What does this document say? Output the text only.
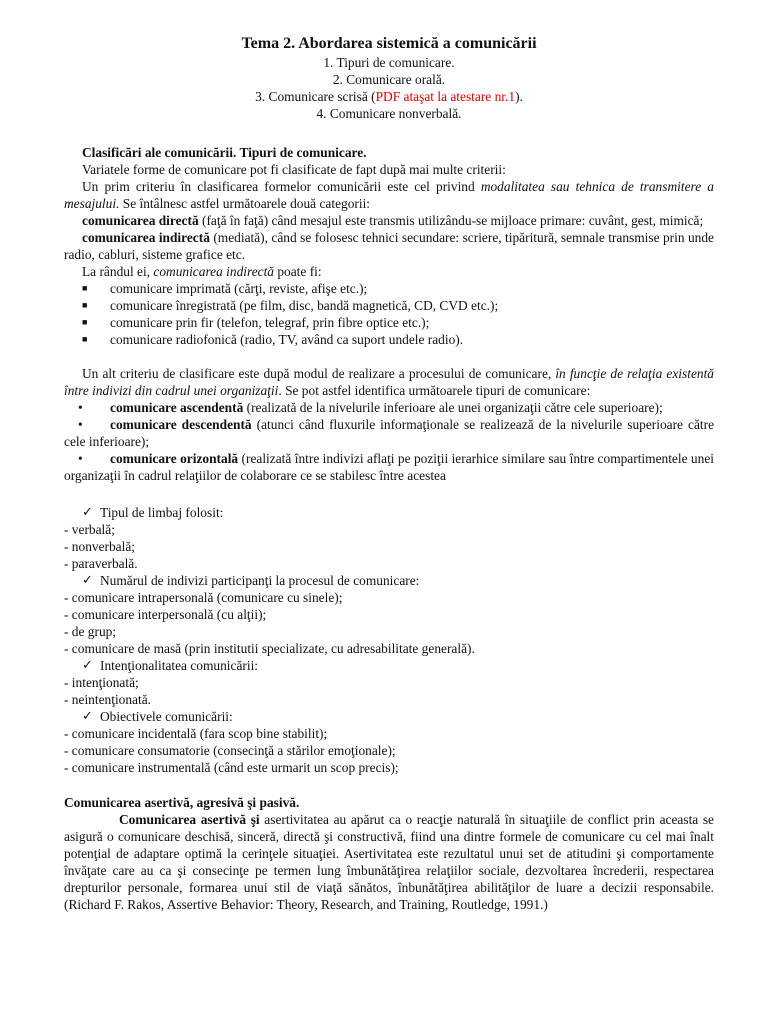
Tema 2. Abordarea sistemică a comunicării
1. Tipuri de comunicare.
2. Comunicare orală.
3. Comunicare scrisă (PDF ataşat la atestare nr.1).
4. Comunicare nonverbală.

Clasificări ale comunicării. Tipuri de comunicare.

Variatele forme de comunicare pot fi clasificate de fapt după mai multe criterii:

Un prim criteriu în clasificarea formelor comunicării este cel privind modalitatea sau tehnica de transmitere a mesajului. Se întâlnesc astfel următoarele două categorii:

comunicarea directă (faţă în faţă) când mesajul este transmis utilizându-se mijloace primare: cuvânt, gest, mimică;

comunicarea indirectă (mediată), când se folosesc tehnici secundare: scriere, tipăritură, semnale transmise prin unde radio, cabluri, sisteme grafice etc.

La rândul ei, comunicarea indirectă poate fi:

■ comunicare imprimată (cărţi, reviste, afişe etc.);
■ comunicare înregistrată (pe film, disc, bandă magnetică, CD, CVD etc.);
■ comunicare prin fir (telefon, telegraf, prin fibre optice etc.);
■ comunicare radiofonică (radio, TV, având ca suport undele radio).

Un alt criteriu de clasificare este după modul de realizare a procesului de comunicare, în funcţie de relaţia existentă între indivizi din cadrul unei organizaţii. Se pot astfel identifica următoarele tipuri de comunicare:

• comunicare ascendentă (realizată de la nivelurile inferioare ale unei organizaţii către cele superioare);

• comunicare descendentă (atunci când fluxurile informaţionale se realizează de la nivelurile superioare către cele inferioare);

• comunicare orizontală (realizată între indivizi aflaţi pe poziţii ierarhice similare sau între compartimentele unei organizaţii în cadrul relaţiilor de colaborare ce se stabilesc între acestea

✓ Tipul de limbaj folosit:
- verbală;
- nonverbală;
- paraverbală.
✓ Numărul de indivizi participanţi la procesul de comunicare:
- comunicare intrapersonală (comunicare cu sinele);
- comunicare interpersonală (cu alţii);
- de grup;
- comunicare de masă (prin institutii specializate, cu adresabilitate generală).
✓ Intenţionalitatea comunicării:
- intenţionată;
- neintenţionată.
✓ Obiectivele comunicării:
- comunicare incidentală (fara scop bine stabilit);
- comunicare consumatorie (consecinţă a stărilor emoţionale);
- comunicare instrumentală (când este urmarit un scop precis);

Comunicarea asertivă, agresivă şi pasivă.

Comunicarea asertivă şi asertivitatea au apărut ca o reacţie naturală în situaţiile de conflict prin aceasta se asigură o comunicare deschisă, sinceră, directă şi constructivă, fiind una dintre formele de comunicare cu cel mai înalt potenţial de adaptare optimă la cerinţele situaţiei. Asertivitatea este rezultatul unui set de atitudini şi comportamente învăţate care au ca şi consecinţe pe termen lung îmbunătăţirea relaţiilor sociale, dezvoltarea încrederii, respectarea drepturilor personale, formarea unui stil de viaţă sănătos, înbunătăţirea abilităţilor de luare a decizii responsabile. (Richard F. Rakos, Assertive Behavior: Theory, Research, and Training, Routledge, 1991.)
